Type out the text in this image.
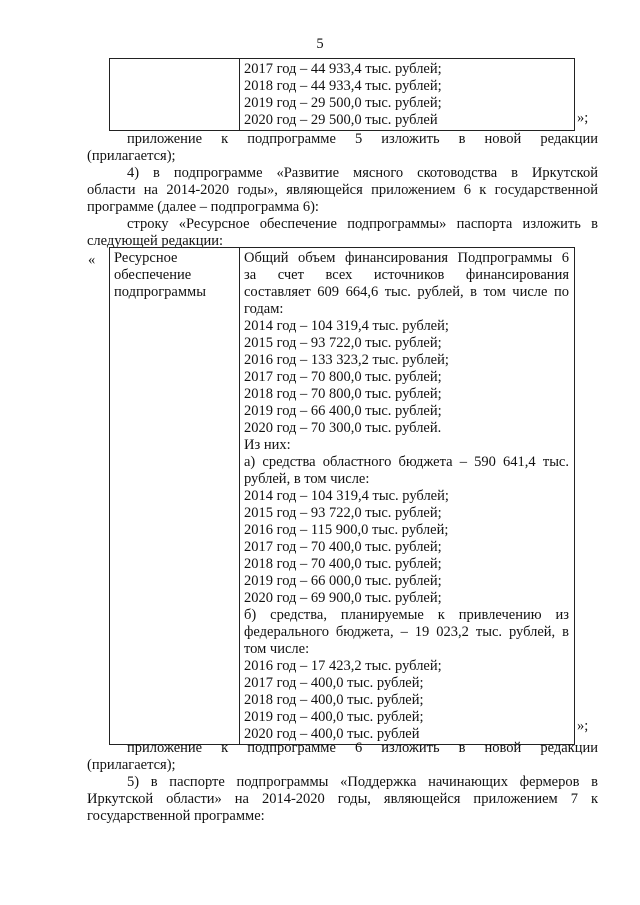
5

2017 год – 44 933,4 тыс. рублей;
2018 год – 44 933,4 тыс. рублей;
2019 год – 29 500,0 тыс. рублей;
2020 год – 29 500,0 тыс. рублей	»;
приложение к подпрограмме 5 изложить в новой редакции
(прилагается);
4) в подпрограмме «Развитие мясного скотоводства в Иркутской
области на 2014-2020 годы», являющейся приложением 6 к государственной
программе (далее – подпрограмма 6):
строку «Ресурсное обеспечение подпрограммы» паспорта изложить в
следующей редакции:
« Ресурсное
обеспечение
подпрограммы

Общий объем финансирования Подпрограммы 6
за счет всех источников финансирования
составляет 609 664,6 тыс. рублей, в том числе по
годам:
2014 год – 104 319,4 тыс. рублей;
2015 год – 93 722,0 тыс. рублей;
2016 год – 133 323,2 тыс. рублей;
2017 год – 70 800,0 тыс. рублей;
2018 год – 70 800,0 тыс. рублей;
2019 год – 66 400,0 тыс. рублей;
2020 год – 70 300,0 тыс. рублей.
Из них:
а) средства областного бюджета – 590 641,4 тыс.
рублей, в том числе:
2014 год – 104 319,4 тыс. рублей;
2015 год – 93 722,0 тыс. рублей;
2016 год – 115 900,0 тыс. рублей;
2017 год – 70 400,0 тыс. рублей;
2018 год – 70 400,0 тыс. рублей;
2019 год – 66 000,0 тыс. рублей;
2020 год – 69 900,0 тыс. рублей;
б) средства, планируемые к привлечению из
федерального бюджета, – 19 023,2 тыс. рублей, в
том числе:
2016 год – 17 423,2 тыс. рублей;
2017 год – 400,0 тыс. рублей;
2018 год – 400,0 тыс. рублей;
2019 год – 400,0 тыс. рублей;
2020 год – 400,0 тыс. рублей	»;
приложение к подпрограмме 6 изложить в новой редакции
(прилагается);
5) в паспорте подпрограммы «Поддержка начинающих фермеров в
Иркутской области» на 2014-2020 годы, являющейся приложением 7 к
государственной программе:
